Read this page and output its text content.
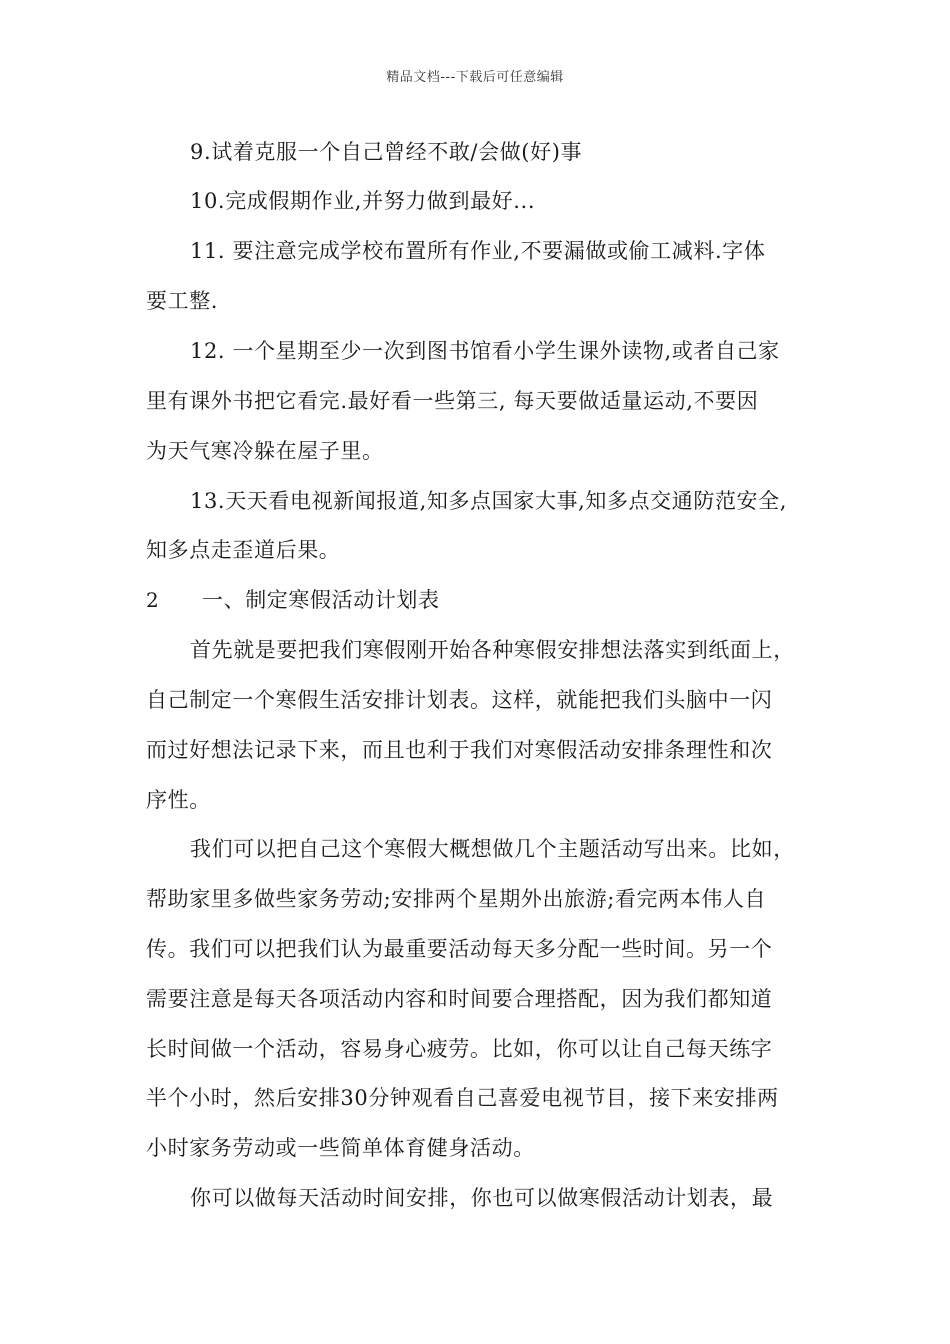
精品文档---下载后可任意编辑
9.试着克服一个自己曾经不敢/会做(好)事
10.完成假期作业,并努力做到最好...
11. 要注意完成学校布置所有作业,不要漏做或偷工减料.字体
要工整.
12. 一个星期至少一次到图书馆看小学生课外读物,或者自己家
里有课外书把它看完.最好看一些第三, 每天要做适量运动,不要因
为天气寒冷躲在屋子里。
13.天天看电视新闻报道,知多点国家大事,知多点交通防范安全,
知多点走歪道后果。
2 一、制定寒假活动计划表
首先就是要把我们寒假刚开始各种寒假安排想法落实到纸面上，
自己制定一个寒假生活安排计划表。这样，就能把我们头脑中一闪
而过好想法记录下来，而且也利于我们对寒假活动安排条理性和次
序性。
我们可以把自己这个寒假大概想做几个主题活动写出来。比如，
帮助家里多做些家务劳动;安排两个星期外出旅游;看完两本伟人自
传。我们可以把我们认为最重要活动每天多分配一些时间。另一个
需要注意是每天各项活动内容和时间要合理搭配，因为我们都知道
长时间做一个活动，容易身心疲劳。比如，你可以让自己每天练字
半个小时，然后安排30分钟观看自己喜爱电视节目，接下来安排两
小时家务劳动或一些简单体育健身活动。
你可以做每天活动时间安排，你也可以做寒假活动计划表，最
